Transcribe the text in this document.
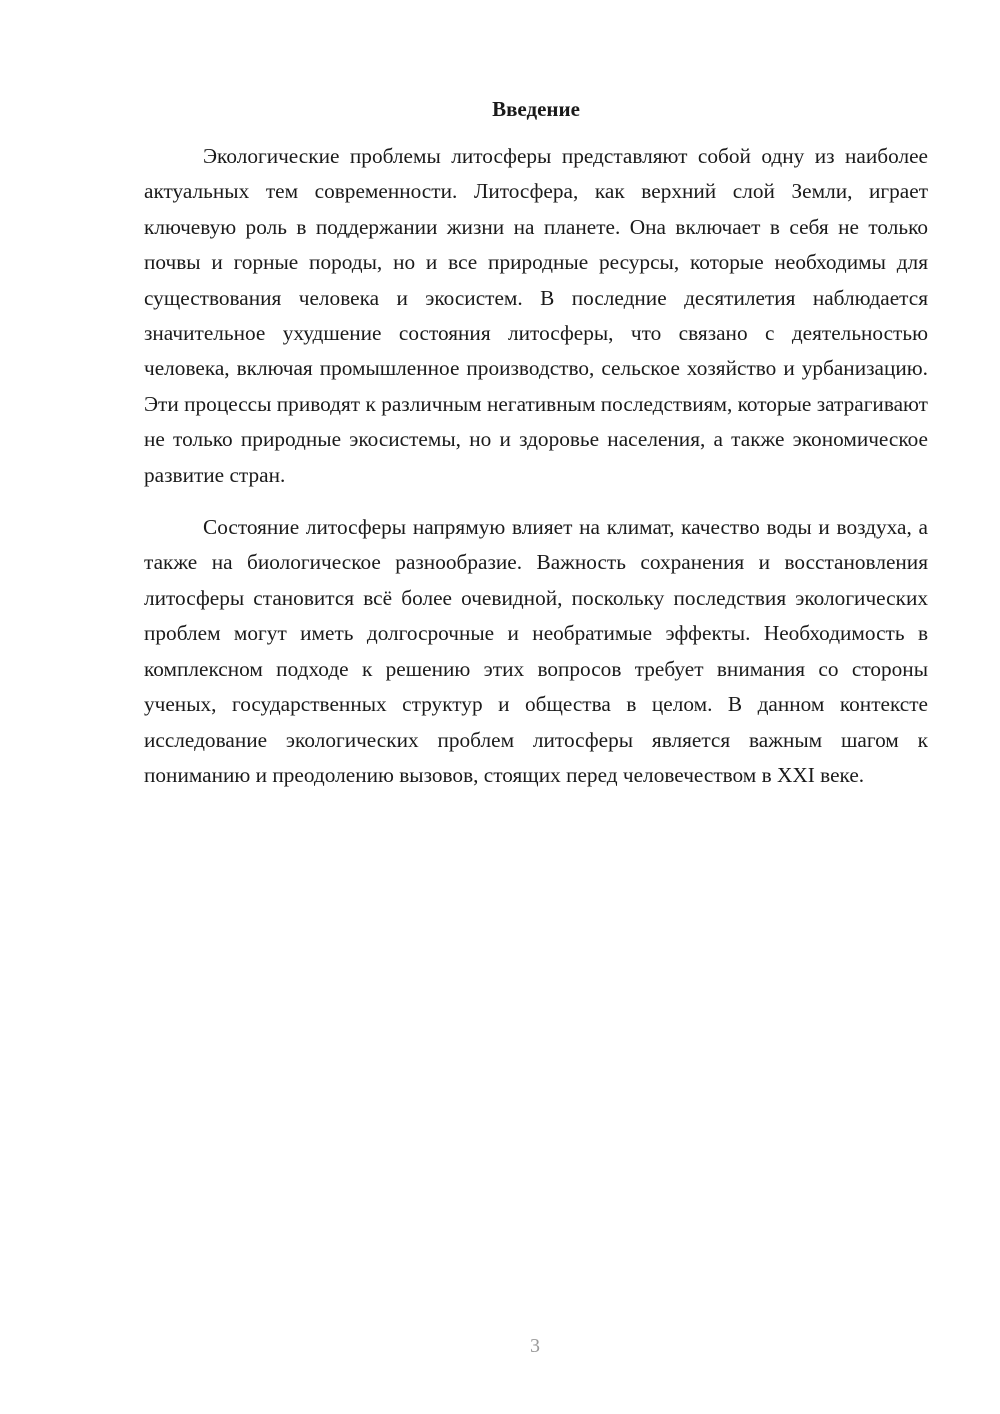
Введение

Экологические проблемы литосферы представляют собой одну из наиболее актуальных тем современности. Литосфера, как верхний слой Земли, играет ключевую роль в поддержании жизни на планете. Она включает в себя не только почвы и горные породы, но и все природные ресурсы, которые необходимы для существования человека и экосистем. В последние десятилетия наблюдается значительное ухудшение состояния литосферы, что связано с деятельностью человека, включая промышленное производство, сельское хозяйство и урбанизацию. Эти процессы приводят к различным негативным последствиям, которые затрагивают не только природные экосистемы, но и здоровье населения, а также экономическое развитие стран.

Состояние литосферы напрямую влияет на климат, качество воды и воздуха, а также на биологическое разнообразие. Важность сохранения и восстановления литосферы становится всё более очевидной, поскольку последствия экологических проблем могут иметь долгосрочные и необратимые эффекты. Необходимость в комплексном подходе к решению этих вопросов требует внимания со стороны ученых, государственных структур и общества в целом. В данном контексте исследование экологических проблем литосферы является важным шагом к пониманию и преодолению вызовов, стоящих перед человечеством в XXI веке.

3
